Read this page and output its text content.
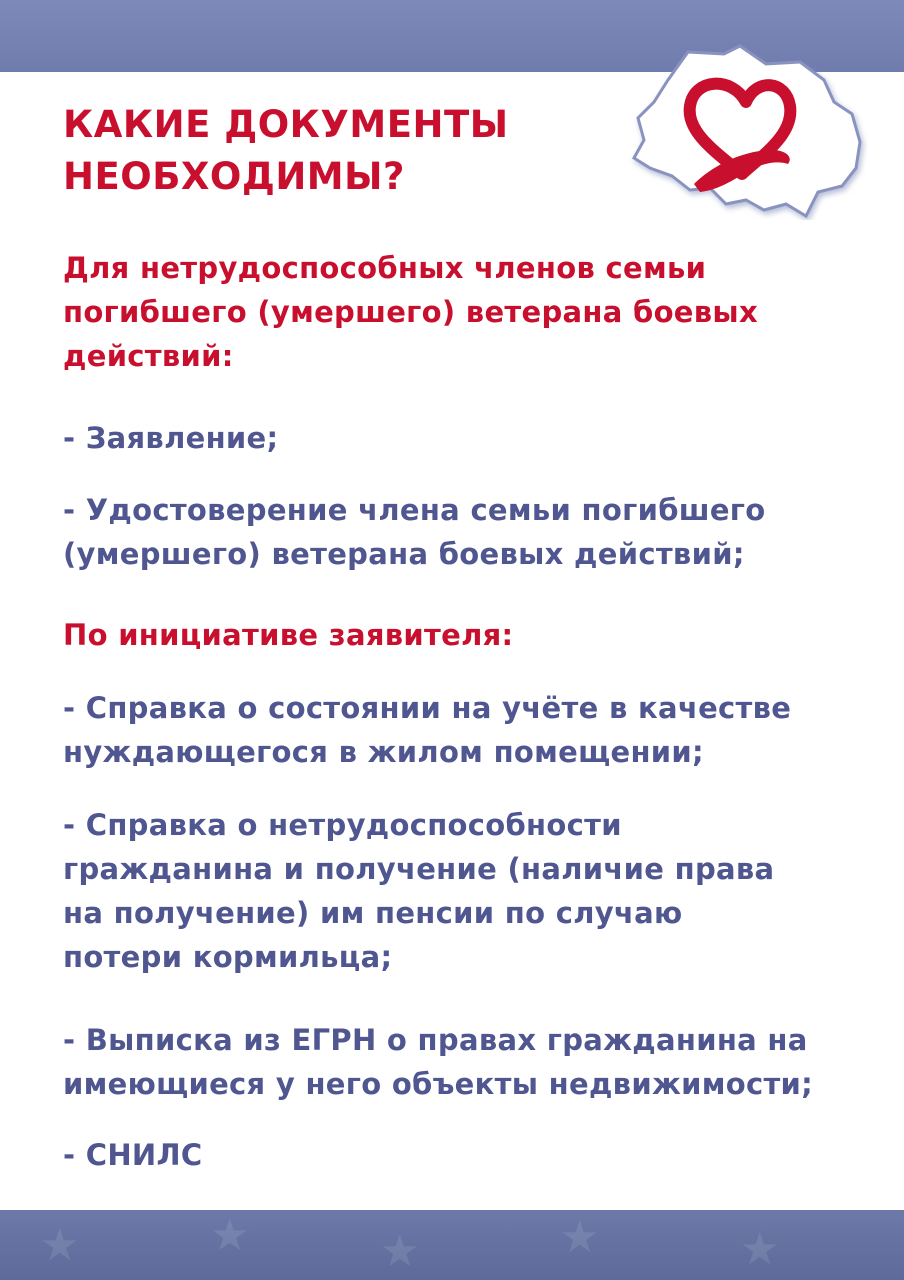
★	★	★	★	★
КАКИЕ ДОКУМЕНТЫ
НЕОБХОДИМЫ?

Для нетрудоспособных членов семьи
погибшего (умершего) ветерана боевых
действий:

- Заявление;

- Удостоверение члена семьи погибшего
(умершего) ветерана боевых действий;

По инициативе заявителя:

- Справка о состоянии на учёте в качестве
нуждающегося в жилом помещении;

- Справка о нетрудоспособности
гражданина и получение (наличие права
на получение) им пенсии по случаю
потери кормильца;

- Выписка из ЕГРН о правах гражданина на
имеющиеся у него объекты недвижимости;

- СНИЛС
